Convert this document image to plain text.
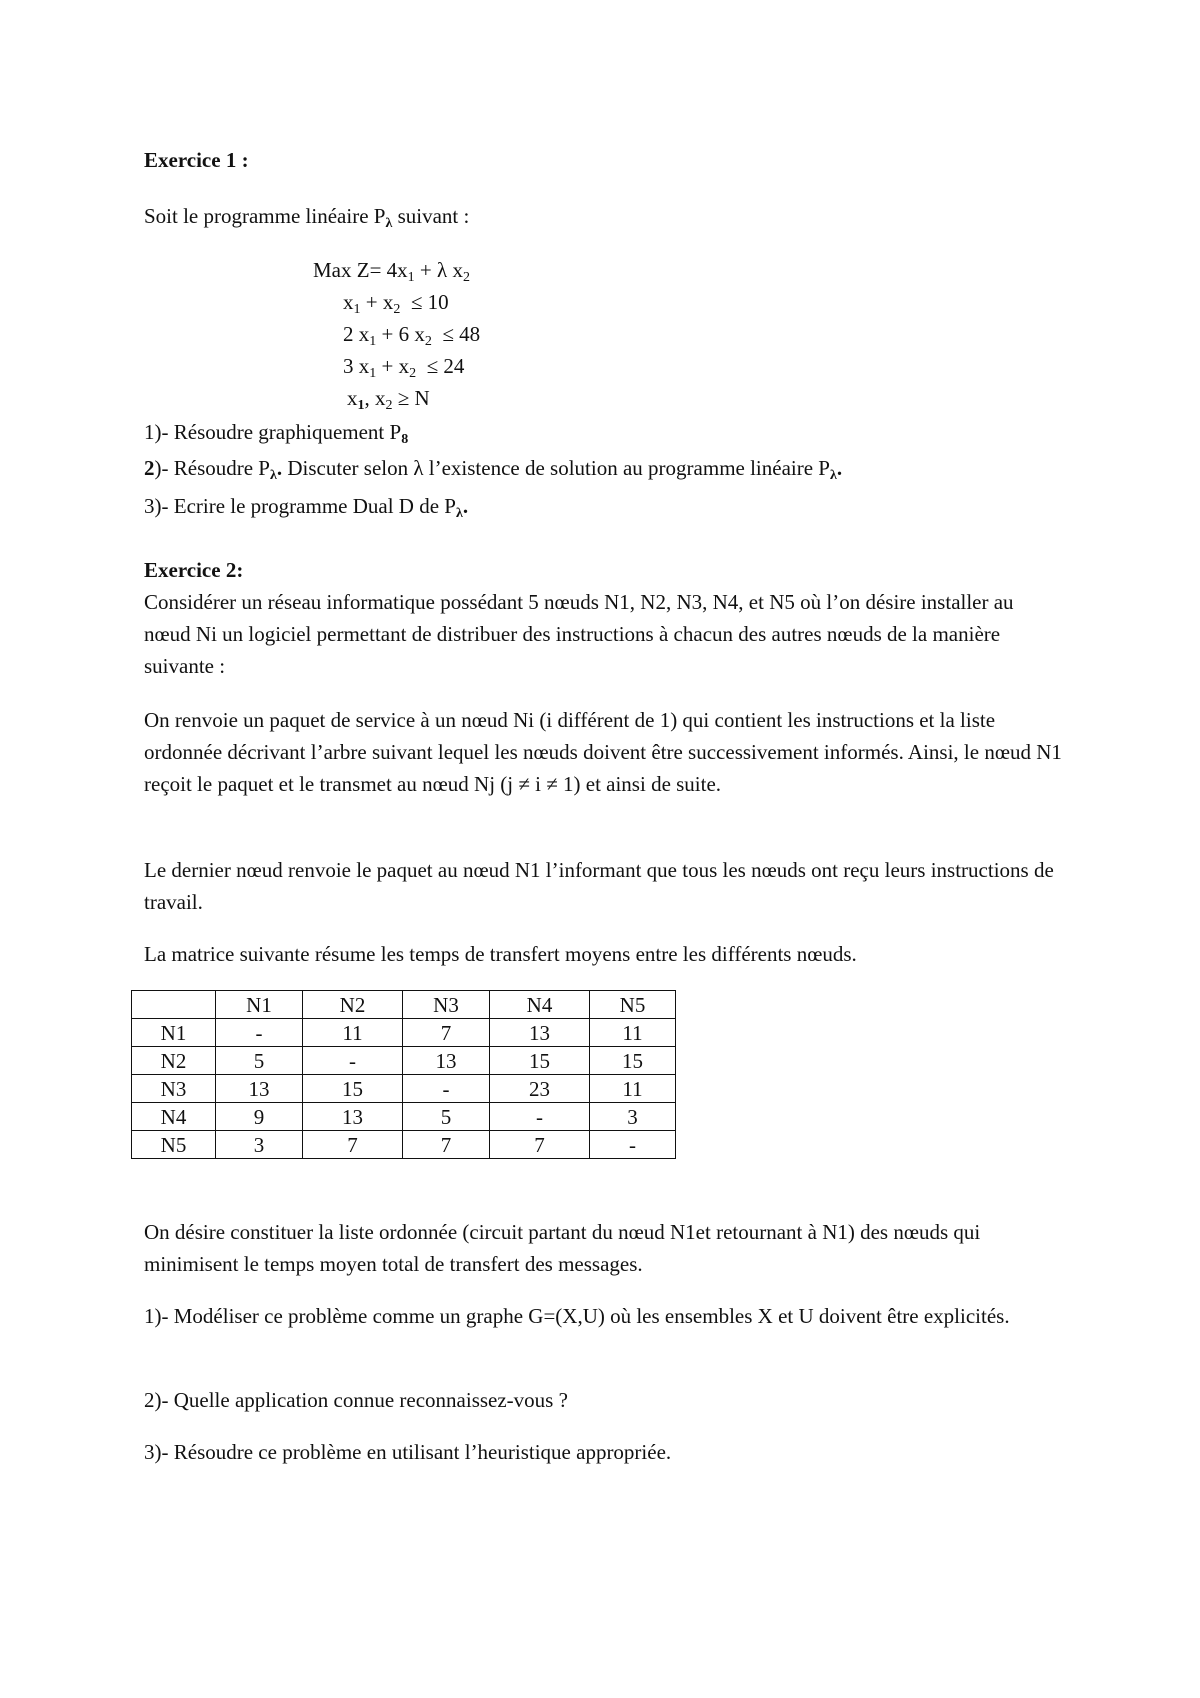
Exercice 1 :
Soit le programme linéaire $P_\lambda$ suivant :
Max $Z= 4x_1 + \lambda$ $x_2$
$x_1 + x_2 \le 10$
2 $x_1 + 6$ $x_2 \le 48$
3 $x_1 + x_2 \le 24$
$x_1$, $x_2 \ge N$
1)- Résoudre graphiquement $P_8$
2)- Résoudre $P_\lambda$. Discuter selon λ l’existence de solution au programme linéaire $P_\lambda$.
3)- Ecrire le programme Dual D de $P_\lambda$.
Exercice 2:
Considérer un réseau informatique possédant 5 nœuds N1, N2, N3, N4, et N5 où l’on désire installer au nœud Ni un logiciel permettant de distribuer des instructions à chacun des autres nœuds de la manière suivante :
On renvoie un paquet de service à un nœud Ni (i différent de 1) qui contient les instructions et la liste ordonnée décrivant l’arbre suivant lequel les nœuds doivent être successivement informés. Ainsi, le nœud N1 reçoit le paquet et le transmet au nœud Nj (j ≠ i ≠ 1) et ainsi de suite.
Le dernier nœud renvoie le paquet au nœud N1 l’informant que tous les nœuds ont reçu leurs instructions de travail.
La matrice suivante résume les temps de transfert moyens entre les différents nœuds.
	N1	N2	N3	N4	N5
N1	-	11	7	13	11
N2	5	-	13	15	15
N3	13	15	-	23	11
N4	9	13	5	-	3
N5	3	7	7	7	-
On désire constituer la liste ordonnée (circuit partant du nœud N1et retournant à N1) des nœuds qui minimisent le temps moyen total de transfert des messages.
1)- Modéliser ce problème comme un graphe G=(X,U) où les ensembles X et U doivent être explicités.
2)- Quelle application connue reconnaissez-vous ?
3)- Résoudre ce problème en utilisant l’heuristique appropriée.
